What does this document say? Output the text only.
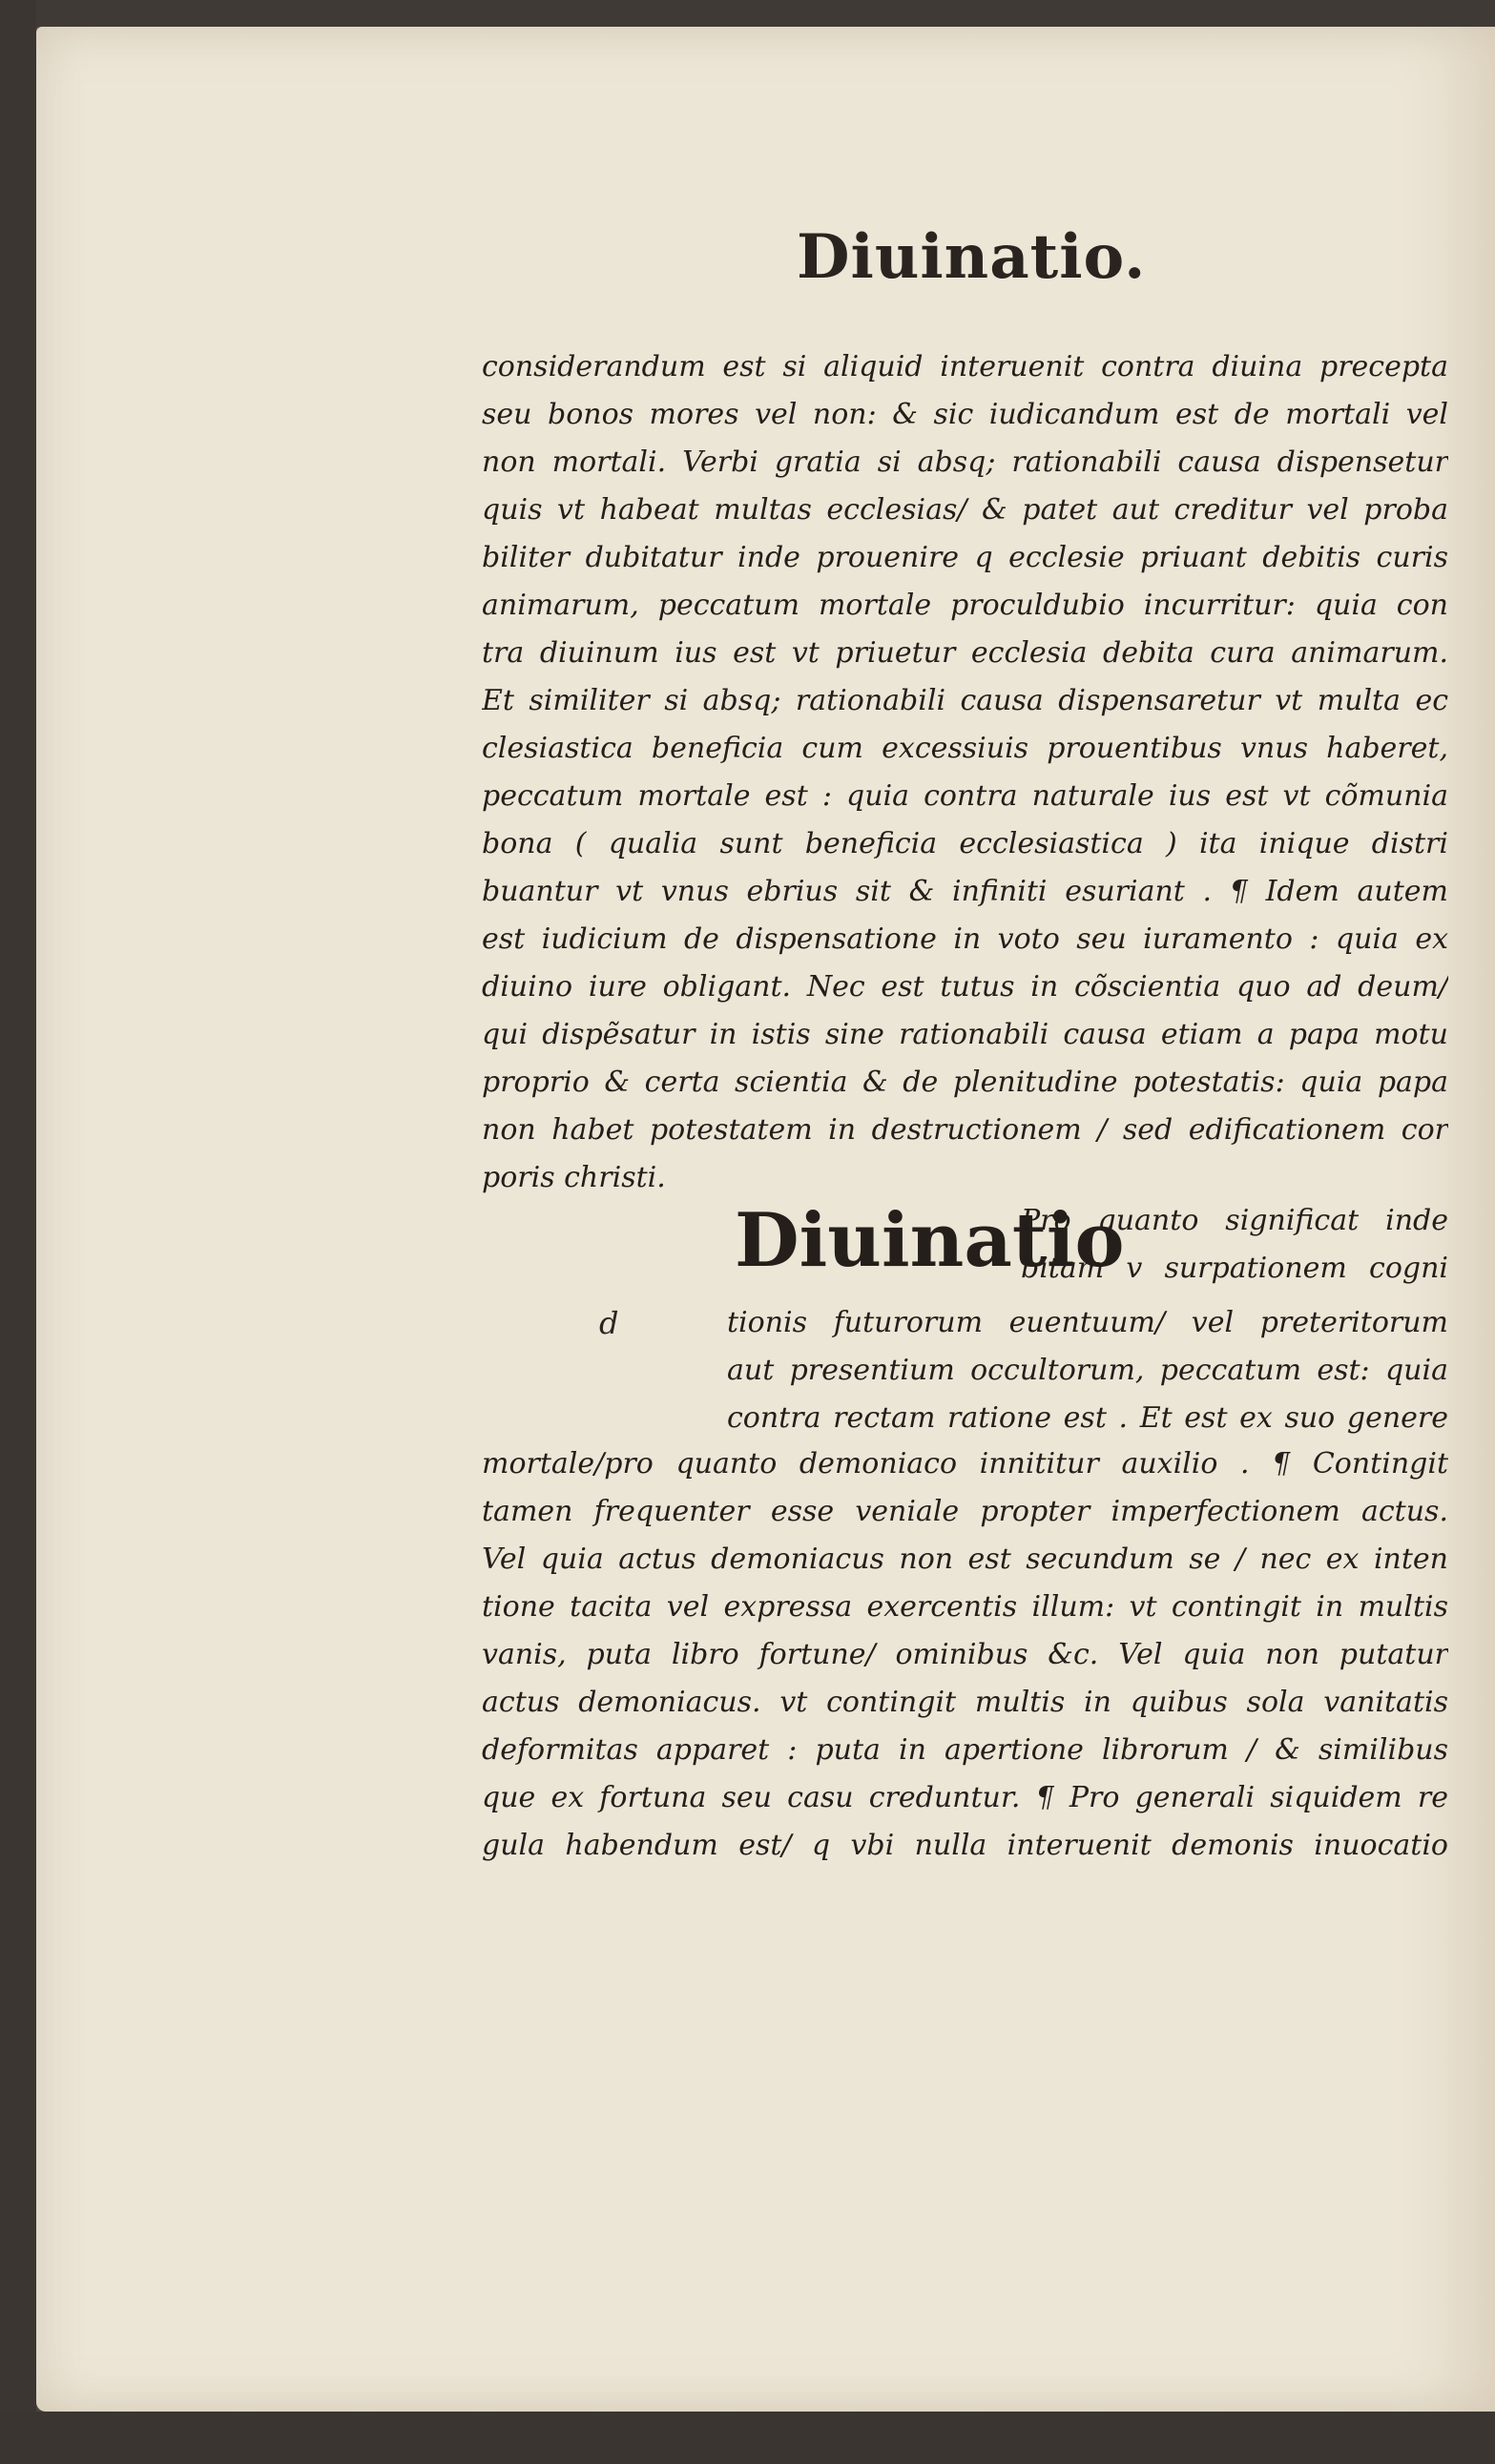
Diuinatio.
considerandum est si aliquid interuenit contra diuina precepta
seu bonos mores vel non: & sic iudicandum est de mortali vel
non mortali. Verbi gratia si absq; rationabili causa dispensetur
quis vt habeat multas ecclesias/ & patet aut creditur vel proba
biliter dubitatur inde prouenire q ecclesie priuant debitis curis
animarum, peccatum mortale proculdubio incurritur: quia con
tra diuinum ius est vt priuetur ecclesia debita cura animarum.
Et similiter si absq; rationabili causa dispensaretur vt multa ec
clesiastica beneficia cum excessiuis prouentibus vnus haberet,
peccatum mortale est : quia contra naturale ius est vt cõmunia
bona ( qualia sunt beneficia ecclesiastica ) ita inique distri
buantur vt vnus ebrius sit & infiniti esuriant . ¶ Idem autem
est iudicium de dispensatione in voto seu iuramento : quia ex
diuino iure obligant. Nec est tutus in cõscientia quo ad deum/
qui dispẽsatur in istis sine rationabili causa etiam a papa motu
proprio & certa scientia & de plenitudine potestatis: quia papa
non habet potestatem in destructionem / sed edificationem cor
poris christi.
Diuinatio
d
Pro quanto significat inde
bitam v surpationem cogni
tionis futurorum euentuum/ vel preteritorum
aut presentium occultorum, peccatum est: quia
contra rectam ratione est . Et est ex suo genere
mortale/pro quanto demoniaco innititur auxilio . ¶ Contingit
tamen frequenter esse veniale propter imperfectionem actus.
Vel quia actus demoniacus non est secundum se / nec ex inten
tione tacita vel expressa exercentis illum: vt contingit in multis
vanis, puta libro fortune/ ominibus &c. Vel quia non putatur
actus demoniacus. vt contingit multis in quibus sola vanitatis
deformitas apparet : puta in apertione librorum / & similibus
que ex fortuna seu casu creduntur. ¶ Pro generali siquidem re
gula habendum est/ q vbi nulla interuenit demonis inuocatio
